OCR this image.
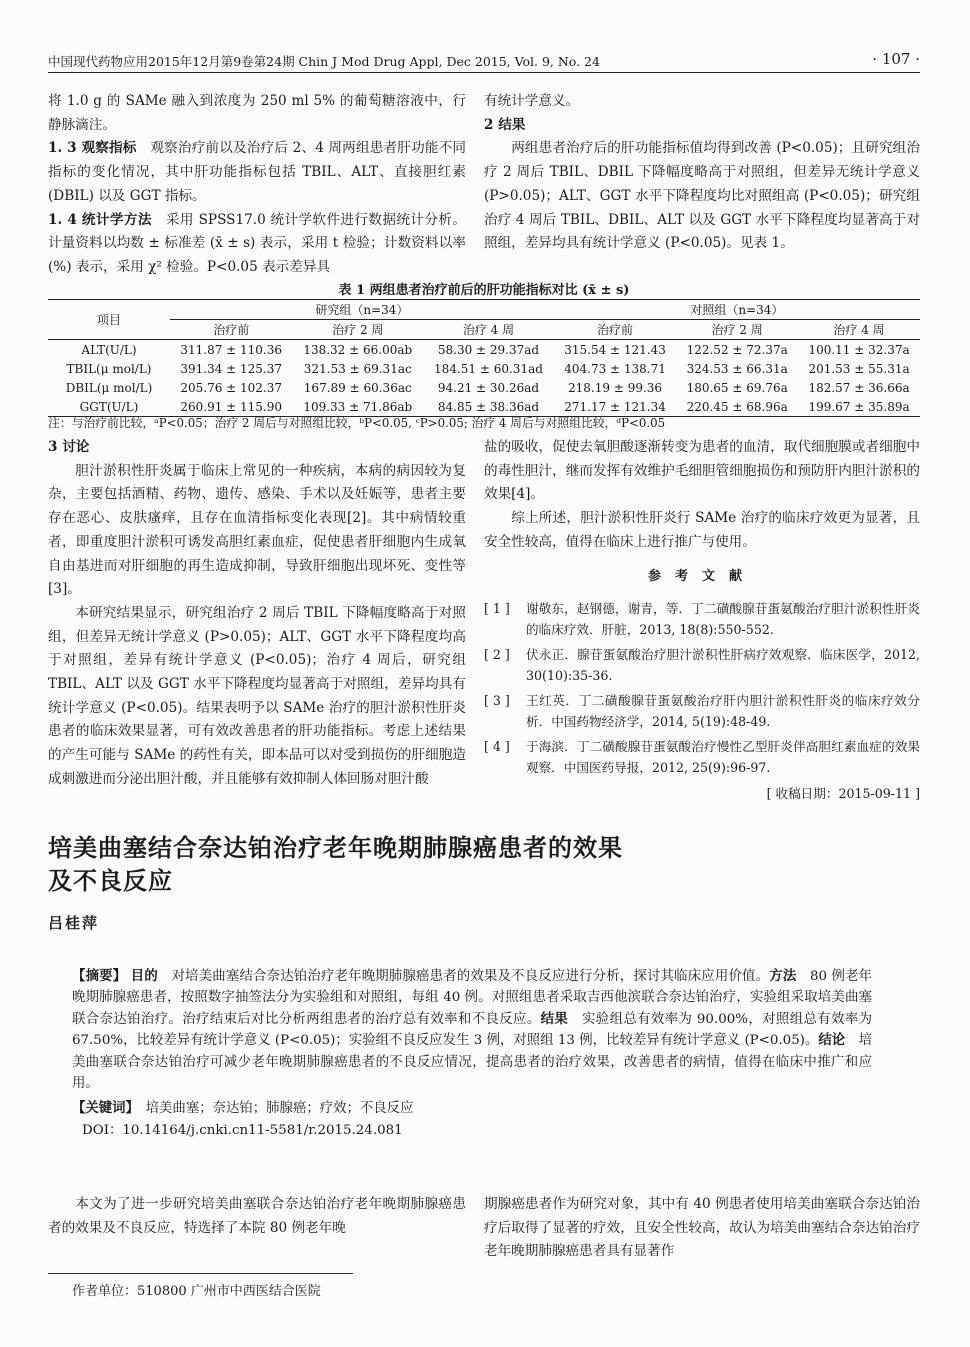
中国现代药物应用2015年12月第9卷第24期 Chin J Mod Drug Appl, Dec 2015, Vol. 9, No. 24	· 107 ·

将 1.0 g 的 SAMe 融入到浓度为 250 ml 5% 的葡萄糖溶液中，行静脉滴注。

1. 3 观察指标　 观察治疗前以及治疗后 2、4 周两组患者肝功能不同指标的变化情况，其中肝功能指标包括 TBIL、ALT、直接胆红素 (DBIL) 以及 GGT 指标。

1. 4 统计学方法　 采用 SPSS17.0 统计学软件进行数据统计分析。计量资料以均数 ± 标准差 (x̄ ± s) 表示，采用 t 检验；计数资料以率 (%) 表示，采用 χ² 检验。P<0.05 表示差异具

有统计学意义。

2 结果

两组患者治疗后的肝功能指标值均得到改善 (P<0.05)；且研究组治疗 2 周后 TBIL、DBIL 下降幅度略高于对照组，但差异无统计学意义 (P>0.05)；ALT、GGT 水平下降程度均比对照组高 (P<0.05)；研究组治疗 4 周后 TBIL、DBIL、ALT 以及 GGT 水平下降程度均显著高于对照组，差异均具有统计学意义 (P<0.05)。见表 1。

表 1 两组患者治疗前后的肝功能指标对比 (x̄ ± s)
项目	研究组（n=34）			对照组（n=34）		
	治疗前	治疗 2 周	治疗 4 周	治疗前	治疗 2 周	治疗 4 周
ALT(U/L)	311.87 ± 110.36	138.32 ± 66.00ab	58.30 ± 29.37ad	315.54 ± 121.43	122.52 ± 72.37a	100.11 ± 32.37a
TBIL(μ mol/L)	391.34 ± 125.37	321.53 ± 69.31ac	184.51 ± 60.31ad	404.73 ± 138.71	324.53 ± 66.31a	201.53 ± 55.31a
DBIL(μ mol/L)	205.76 ± 102.37	167.89 ± 60.36ac	94.21 ± 30.26ad	218.19 ± 99.36	180.65 ± 69.76a	182.57 ± 36.66a
GGT(U/L)	260.91 ± 115.90	109.33 ± 71.86ab	84.85 ± 38.36ad	271.17 ± 121.34	220.45 ± 68.96a	199.67 ± 35.89a
注：与治疗前比较，ᵃP<0.05；治疗 2 周后与对照组比较，ᵇP<0.05, ᶜP>0.05; 治疗 4 周后与对照组比较，ᵈP<0.05

3 讨论

胆汁淤积性肝炎属于临床上常见的一种疾病，本病的病因较为复杂，主要包括酒精、药物、遗传、感染、手术以及妊娠等，患者主要存在恶心、皮肤瘙痒，且存在血清指标变化表现[2]。其中病情较重者，即重度胆汁淤积可诱发高胆红素血症，促使患者肝细胞内生成氧自由基进而对肝细胞的再生造成抑制，导致肝细胞出现坏死、变性等[3]。

本研究结果显示，研究组治疗 2 周后 TBIL 下降幅度略高于对照组，但差异无统计学意义 (P>0.05)；ALT、GGT 水平下降程度均高于对照组，差异有统计学意义 (P<0.05)；治疗 4 周后，研究组 TBIL、ALT 以及 GGT 水平下降程度均显著高于对照组，差异均具有统计学意义 (P<0.05)。结果表明予以 SAMe 治疗的胆汁淤积性肝炎患者的临床效果显著，可有效改善患者的肝功能指标。考虑上述结果的产生可能与 SAMe 的药性有关，即本品可以对受到损伤的肝细胞造成刺激进而分泌出胆汁酸，并且能够有效抑制人体回肠对胆汁酸

盐的吸收，促使去氧胆酸逐渐转变为患者的血清，取代细胞膜或者细胞中的毒性胆汁，继而发挥有效维护毛细胆管细胞损伤和预防肝内胆汁淤积的效果[4]。

综上所述，胆汁淤积性肝炎行 SAMe 治疗的临床疗效更为显著，且安全性较高，值得在临床上进行推广与使用。

参考文献
[ 1 ] 谢敬东，赵钢德，谢青，等．丁二磺酸腺苷蛋氨酸治疗胆汁淤积性肝炎的临床疗效．肝脏，2013, 18(8):550-552.
[ 2 ] 伏永正．腺苷蛋氨酸治疗胆汁淤积性肝病疗效观察．临床医学，2012, 30(10):35-36.
[ 3 ] 王红英．丁二磺酸腺苷蛋氨酸治疗肝内胆汁淤积性肝炎的临床疗效分析．中国药物经济学，2014, 5(19):48-49.
[ 4 ] 于海滨．丁二磺酸腺苷蛋氨酸治疗慢性乙型肝炎伴高胆红素血症的效果观察．中国医药导报，2012, 25(9):96-97.
[ 收稿日期：2015-09-11 ]
培美曲塞结合奈达铂治疗老年晚期肺腺癌患者的效果
及不良反应
吕桂萍

【摘要】 目的　 对培美曲塞结合奈达铂治疗老年晚期肺腺癌患者的效果及不良反应进行分析，探讨其临床应用价值。方法　 80 例老年晚期肺腺癌患者，按照数字抽签法分为实验组和对照组，每组 40 例。对照组患者采取吉西他滨联合奈达铂治疗，实验组采取培美曲塞联合奈达铂治疗。治疗结束后对比分析两组患者的治疗总有效率和不良反应。结果　 实验组总有效率为 90.00%，对照组总有效率为 67.50%，比较差异有统计学意义 (P<0.05)；实验组不良反应发生 3 例，对照组 13 例，比较差异有统计学意义 (P<0.05)。结论　 培美曲塞联合奈达铂治疗可减少老年晚期肺腺癌患者的不良反应情况，提高患者的治疗效果，改善患者的病情，值得在临床中推广和应用。

【关键词】　 培美曲塞；奈达铂；肺腺癌；疗效；不良反应

DOI：10.14164/j.cnki.cn11-5581/r.2015.24.081

本文为了进一步研究培美曲塞联合奈达铂治疗老年晚期肺腺癌患者的效果及不良反应，特选择了本院 80 例老年晚

期腺癌患者作为研究对象，其中有 40 例患者使用培美曲塞联合奈达铂治疗后取得了显著的疗效，且安全性较高，故认为培美曲塞结合奈达铂治疗老年晚期肺腺癌患者具有显著作

作者单位：510800 广州市中西医结合医院
